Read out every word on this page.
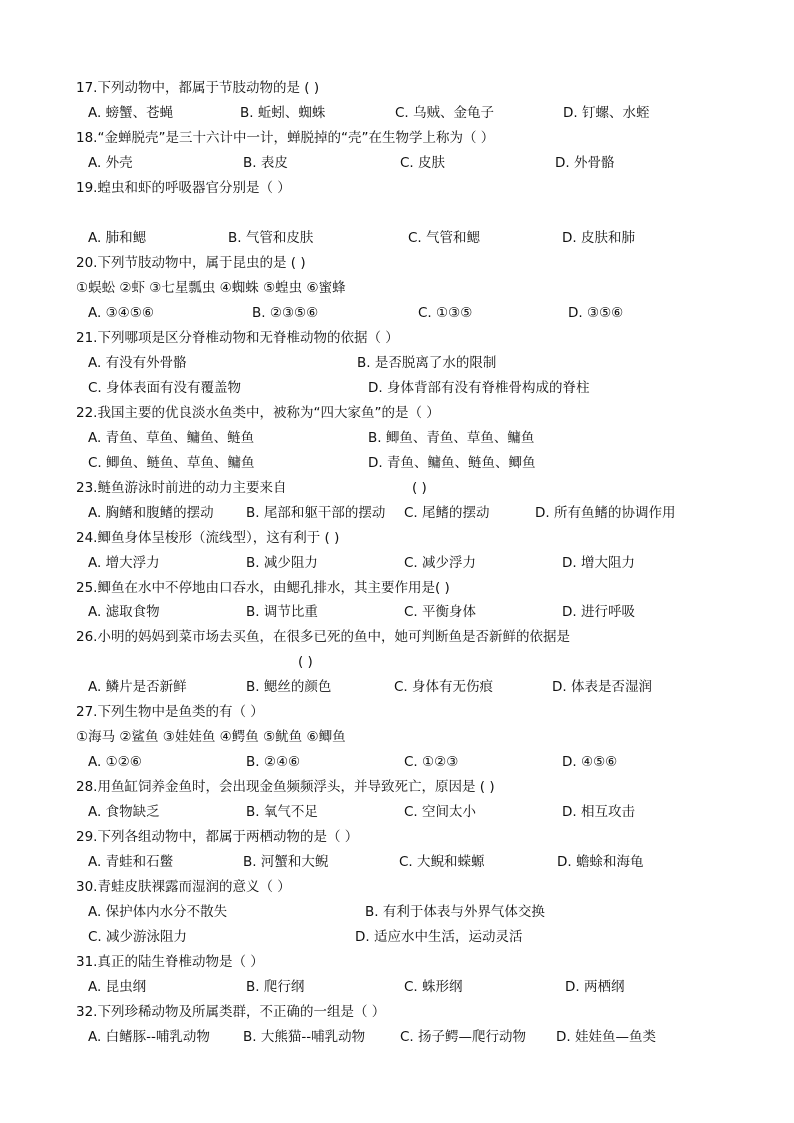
17.下列动物中，都属于节肢动物的是 ( )
A. 螃蟹、苍蝇	B. 蚯蚓、蜘蛛	C. 乌贼、金龟子	D. 钉螺、水蛭
18.“金蝉脱壳”是三十六计中一计，蝉脱掉的“壳”在生物学上称为（ ）
A. 外壳	B. 表皮	C. 皮肤	D. 外骨骼
19.蝗虫和虾的呼吸器官分别是（ ）
A. 肺和鳃	B. 气管和皮肤	C. 气管和鳃	D. 皮肤和肺
20.下列节肢动物中，属于昆虫的是 ( )
①蜈蚣 ②虾 ③七星瓢虫 ④蜘蛛 ⑤蝗虫 ⑥蜜蜂
A. ③④⑤⑥	B. ②③⑤⑥	C. ①③⑤	D. ③⑤⑥
21.下列哪项是区分脊椎动物和无脊椎动物的依据（ ）
A. 有没有外骨骼	B. 是否脱离了水的限制
C. 身体表面有没有覆盖物	D. 身体背部有没有脊椎骨构成的脊柱
22.我国主要的优良淡水鱼类中，被称为“四大家鱼”的是（ ）
A. 青鱼、草鱼、鳙鱼、鲢鱼	B. 鲫鱼、青鱼、草鱼、鳙鱼
C. 鲫鱼、鲢鱼、草鱼、鳙鱼	D. 青鱼、鳙鱼、鲢鱼、鲫鱼
23.鲢鱼游泳时前进的动力主要来自	( )
A. 胸鳍和腹鳍的摆动 B. 尾部和躯干部的摆动 C. 尾鳍的摆动	D. 所有鱼鳍的协调作用
24.鲫鱼身体呈梭形（流线型），这有利于 ( )
A. 增大浮力	B. 减少阻力	C. 减少浮力	D. 增大阻力
25.鲫鱼在水中不停地由口吞水，由鳃孔排水，其主要作用是( )
A. 滤取食物	B. 调节比重	C. 平衡身体	D. 进行呼吸
26.小明的妈妈到菜市场去买鱼，在很多已死的鱼中，她可判断鱼是否新鲜的依据是
( )
A. 鳞片是否新鲜	B. 鳃丝的颜色	C. 身体有无伤痕	D. 体表是否湿润
27.下列生物中是鱼类的有（ ）
①海马 ②鲨鱼 ③娃娃鱼 ④鳄鱼 ⑤鱿鱼 ⑥鲫鱼
A. ①②⑥	B. ②④⑥	C. ①②③	D. ④⑤⑥
28.用鱼缸饲养金鱼时，会出现金鱼频频浮头，并导致死亡，原因是 ( )
A. 食物缺乏	B. 氧气不足	C. 空间太小	D. 相互攻击
29.下列各组动物中，都属于两栖动物的是（ ）
A. 青蛙和石鳖	B. 河蟹和大鲵	C. 大鲵和蝾螈	D. 蟾蜍和海龟
30.青蛙皮肤裸露而湿润的意义（ ）
A. 保护体内水分不散失	B. 有利于体表与外界气体交换
C. 减少游泳阻力	D. 适应水中生活，运动灵活
31.真正的陆生脊椎动物是（ ）
A. 昆虫纲	B. 爬行纲	C. 蛛形纲	D. 两栖纲
32.下列珍稀动物及所属类群，不正确的一组是（ ）
A. 白鳍豚--哺乳动物 B. 大熊猫--哺乳动物	C. 扬子鳄—爬行动物 D. 娃娃鱼—鱼类
